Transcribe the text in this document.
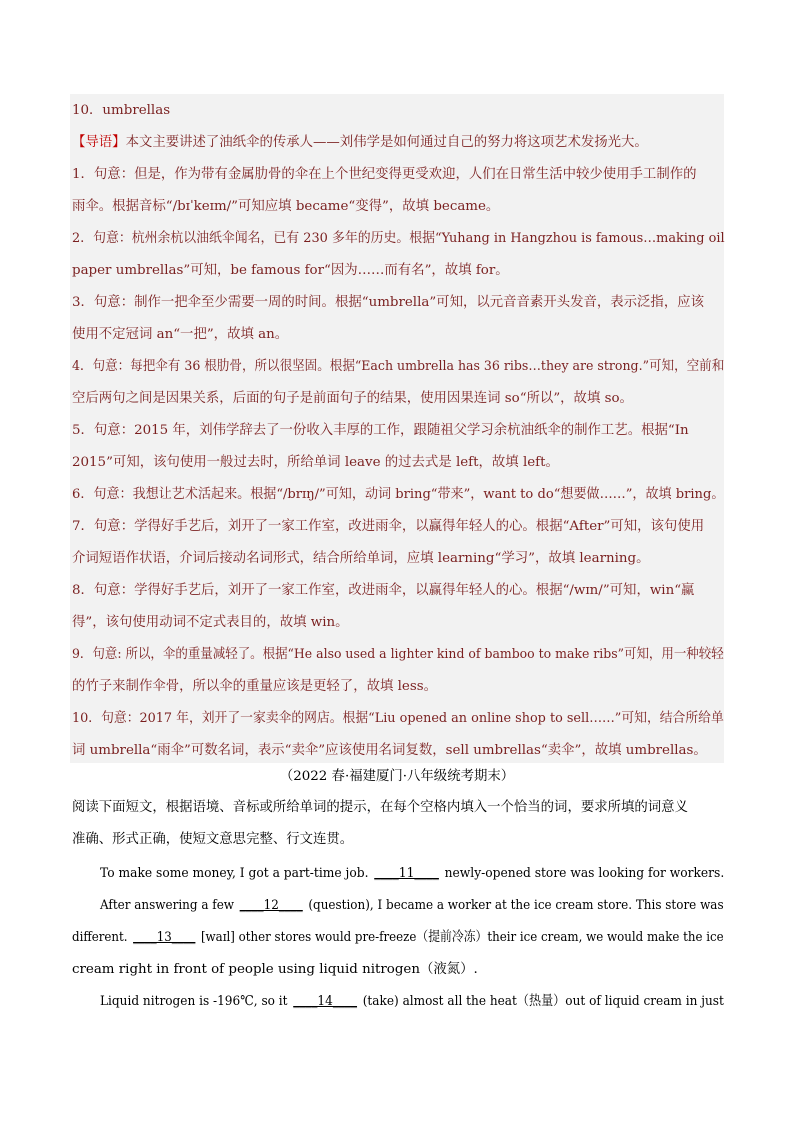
10．umbrellas
【导语】本文主要讲述了油纸伞的传承人——刘伟学是如何通过自己的努力将这项艺术发扬光大。
1．句意：但是，作为带有金属肋骨的伞在上个世纪变得更受欢迎，人们在日常生活中较少使用手工制作的
雨伞。根据音标“/bɪˈkeɪm/”可知应填 became“变得”，故填 became。
2．句意：杭州余杭以油纸伞闻名，已有 230 多年的历史。根据“Yuhang in Hangzhou is famous…making oil
paper umbrellas”可知，be famous for“因为……而有名”，故填 for。
3．句意：制作一把伞至少需要一周的时间。根据“umbrella”可知，以元音音素开头发音，表示泛指，应该
使用不定冠词 an“一把”，故填 an。
4．句意：每把伞有 36 根肋骨，所以很坚固。根据“Each umbrella has 36 ribs…they are strong.”可知，空前和
空后两句之间是因果关系，后面的句子是前面句子的结果，使用因果连词 so“所以”，故填 so。
5．句意：2015 年，刘伟学辞去了一份收入丰厚的工作，跟随祖父学习余杭油纸伞的制作工艺。根据“In
2015”可知，该句使用一般过去时，所给单词 leave 的过去式是 left，故填 left。
6．句意：我想让艺术活起来。根据“/brɪŋ/”可知，动词 bring“带来”，want to do“想要做……”，故填 bring。
7．句意：学得好手艺后，刘开了一家工作室，改进雨伞，以赢得年轻人的心。根据“After”可知，该句使用
介词短语作状语，介词后接动名词形式，结合所给单词，应填 learning“学习”，故填 learning。
8．句意：学得好手艺后，刘开了一家工作室，改进雨伞，以赢得年轻人的心。根据“/wɪn/”可知，win“赢
得”，该句使用动词不定式表目的，故填 win。
9．句意: 所以，伞的重量减轻了。根据“He also used a lighter kind of bamboo to make ribs”可知，用一种较轻
的竹子来制作伞骨，所以伞的重量应该是更轻了，故填 less。
10．句意：2017 年，刘开了一家卖伞的网店。根据“Liu opened an online shop to sell……”可知，结合所给单
词 umbrella“雨伞”可数名词，表示“卖伞”应该使用名词复数，sell umbrellas“卖伞”，故填 umbrellas。
（2022 春·福建厦门·八年级统考期末）
阅读下面短文，根据语境、音标或所给单词的提示，在每个空格内填入一个恰当的词，要求所填的词意义
准确、形式正确，使短文意思完整、行文连贯。
To make some money, I got a part-time job. ____11____ newly-opened store was looking for workers.
After answering a few ____12____ (question), I became a worker at the ice cream store. This store was
different. ____13____ [waɪl] other stores would pre-freeze（提前冷冻）their ice cream, we would make the ice
cream right in front of people using liquid nitrogen（液氮）.
Liquid nitrogen is -196℃, so it ____14____ (take) almost all the heat（热量）out of liquid cream in just
